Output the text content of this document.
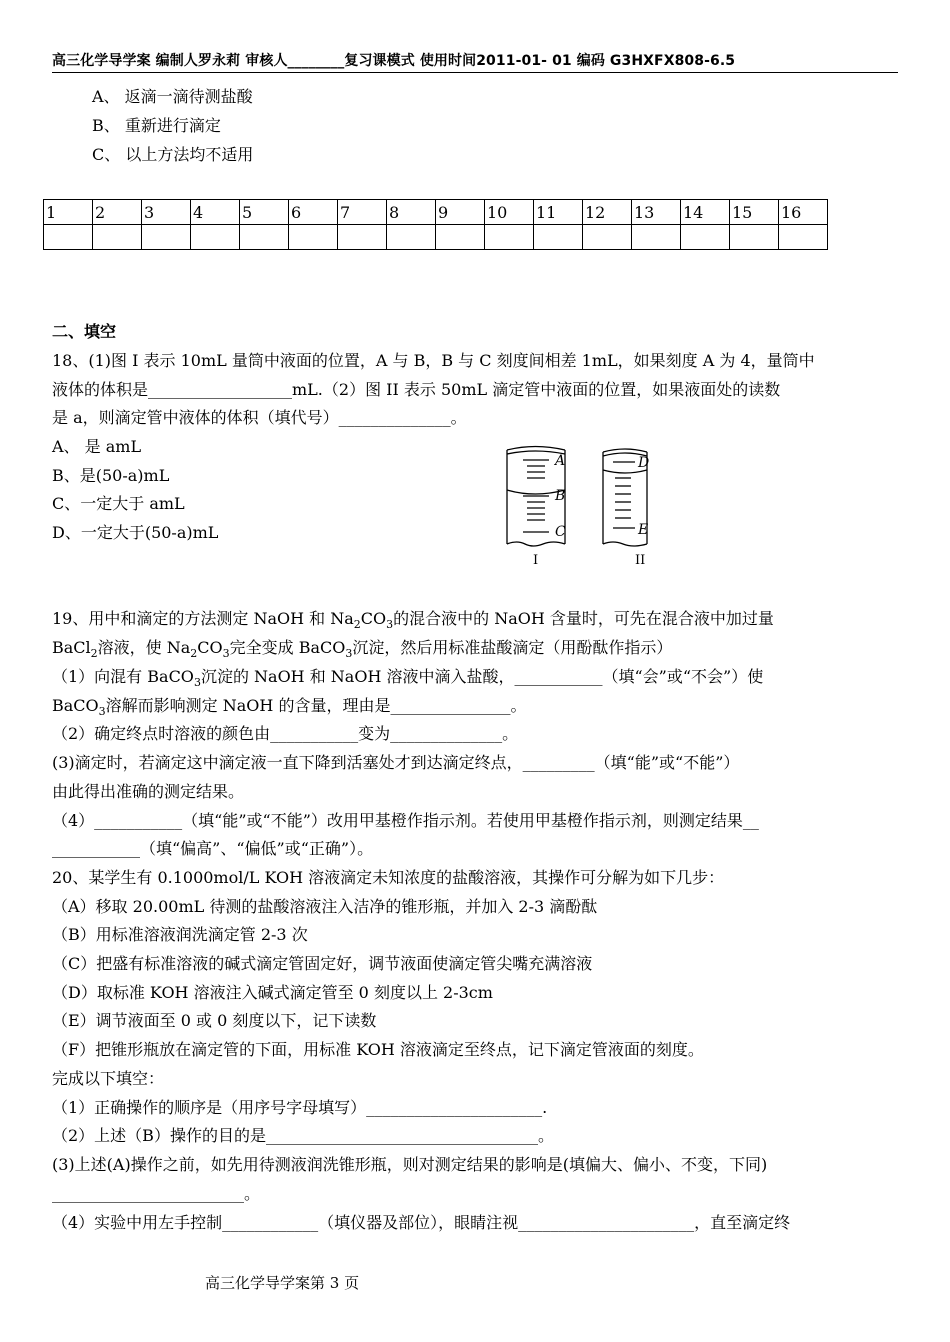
高三化学导学案 编制人罗永莉 审核人________复习课模式 使用时间2011-01- 01 编码 G3HXFX808-6.5
A、 返滴一滴待测盐酸
B、 重新进行滴定
C、 以上方法均不适用
1	2	3	4	5	6	7	8	9	10	11	12	13	14	15	16

二、填空
18、(1)图 I 表示 10mL 量筒中液面的位置，A 与 B，B 与 C 刻度间相差 1mL，如果刻度 A 为 4，量筒中
液体的体积是__________________mL.（2）图 II 表示 50mL 滴定管中液面的位置，如果液面处的读数
是 a，则滴定管中液体的体积（填代号）______________。
A、 是 amL
B、是(50-a)mL
C、一定大于 amL
D、一定大于(50-a)mL
A
B
C
I
D
E
II
19、用中和滴定的方法测定 NaOH 和 $Na_2CO_3$的混合液中的 NaOH 含量时，可先在混合液中加过量
BaCl$_2$溶液，使 $Na_2CO_3$完全变成 BaCO$_3$沉淀，然后用标准盐酸滴定（用酚酞作指示）
（1）向混有 BaCO$_3$沉淀的 NaOH 和 NaOH 溶液中滴入盐酸，___________（填“会”或“不会”）使
BaCO$_3$溶解而影响测定 NaOH 的含量，理由是_______________。
（2）确定终点时溶液的颜色由___________变为______________。
(3)滴定时，若滴定这中滴定液一直下降到活塞处才到达滴定终点，_________（填“能”或“不能”）
由此得出准确的测定结果。
（4）___________（填“能”或“不能”）改用甲基橙作指示剂。若使用甲基橙作指示剂，则测定结果__
___________（填“偏高”、“偏低”或“正确”）。
20、某学生有 0.1000mol/L KOH 溶液滴定未知浓度的盐酸溶液，其操作可分解为如下几步：
（A）移取 20.00mL 待测的盐酸溶液注入洁净的锥形瓶，并加入 2-3 滴酚酞
（B）用标准溶液润洗滴定管 2-3 次
（C）把盛有标准溶液的碱式滴定管固定好，调节液面使滴定管尖嘴充满溶液
（D）取标准 KOH 溶液注入碱式滴定管至 0 刻度以上 2-3cm
（E）调节液面至 0 或 0 刻度以下，记下读数
（F）把锥形瓶放在滴定管的下面，用标准 KOH 溶液滴定至终点，记下滴定管液面的刻度。
完成以下填空：
（1）正确操作的顺序是（用序号字母填写）______________________.
（2）上述（B）操作的目的是__________________________________。
(3)上述(A)操作之前，如先用待测液润洗锥形瓶，则对测定结果的影响是(填偏大、偏小、不变，下同)
________________________。
（4）实验中用左手控制____________（填仪器及部位），眼睛注视______________________，直至滴定终
高三化学导学案第 3 页
